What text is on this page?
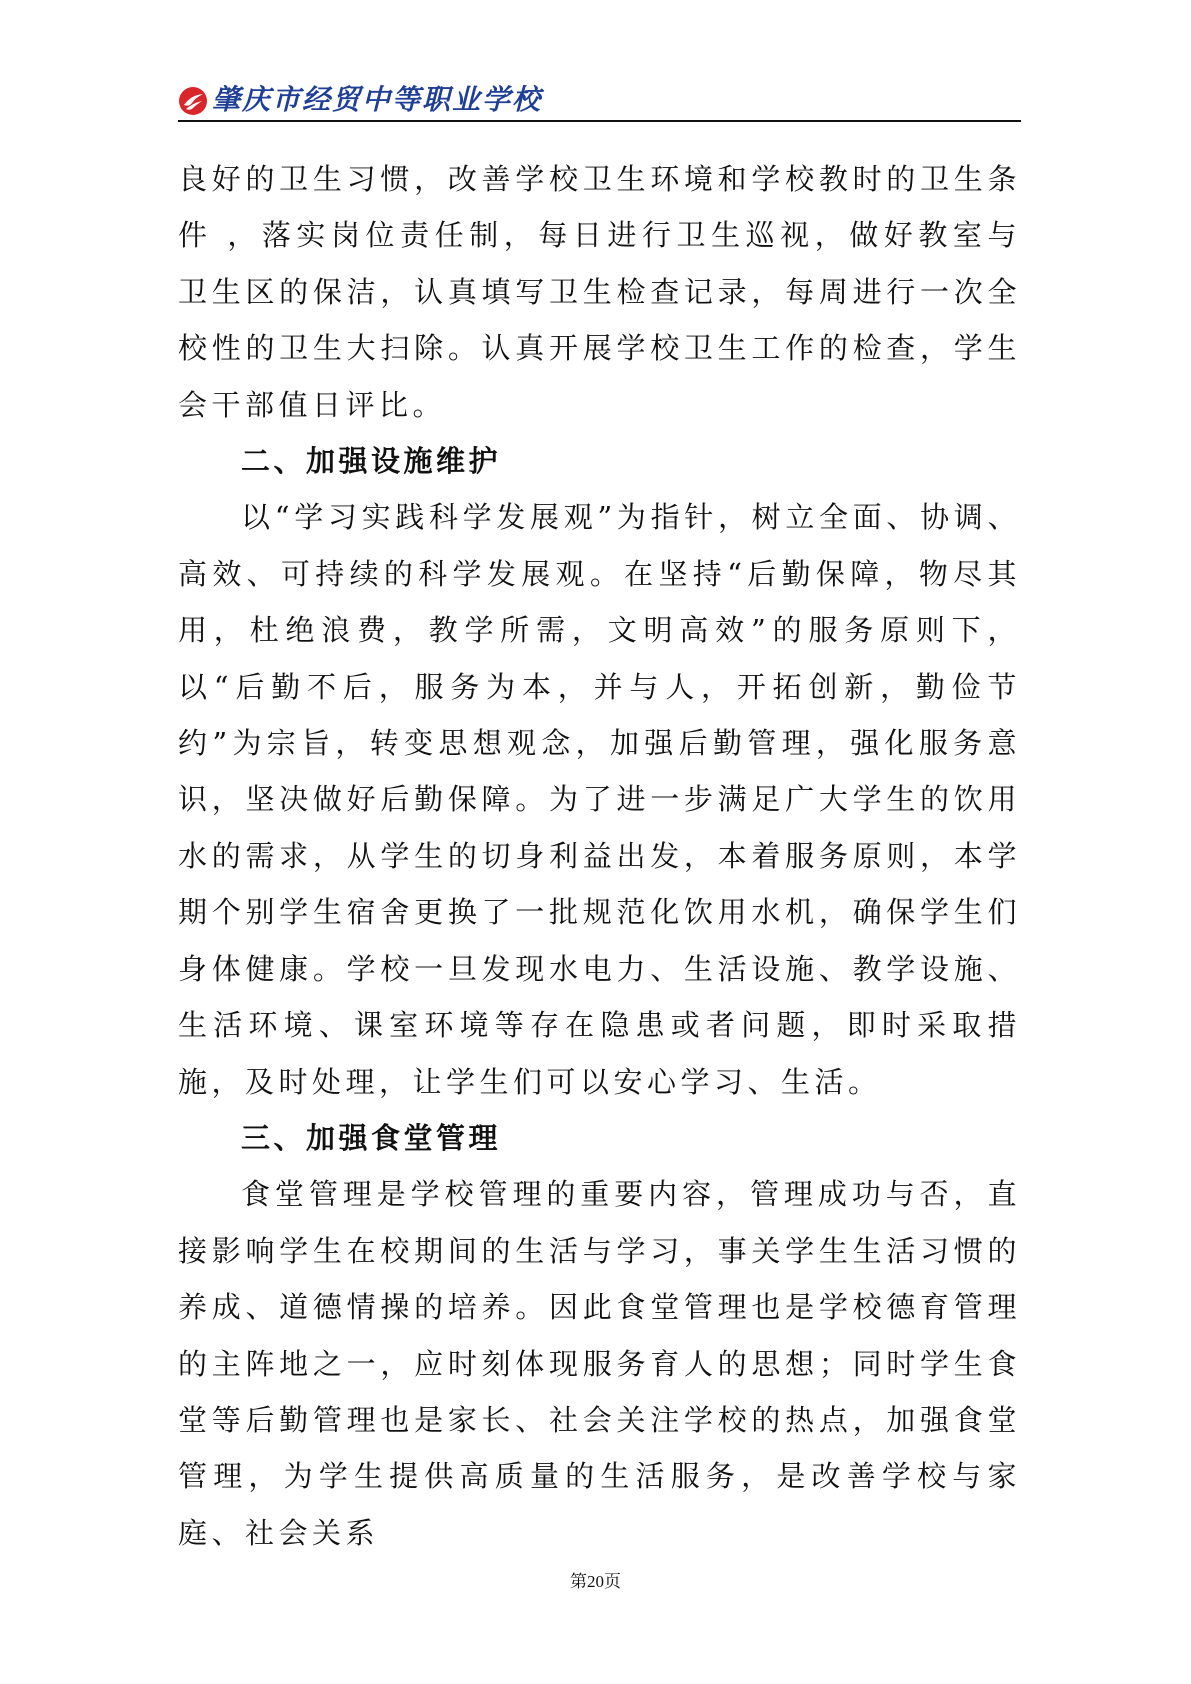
肇庆市经贸中等职业学校

良好的卫生习惯，改善学校卫生环境和学校教时的卫生条件 ，落实岗位责任制，每日进行卫生巡视，做好教室与卫生区的保洁，认真填写卫生检查记录，每周进行一次全校性的卫生大扫除。认真开展学校卫生工作的检查，学生会干部值日评比。

二、加强设施维护

以“学习实践科学发展观”为指针，树立全面、协调、高效、可持续的科学发展观。在坚持“后勤保障，物尽其用，杜绝浪费，教学所需，文明高效”的服务原则下，以“后勤不后，服务为本，并与人，开拓创新，勤俭节约”为宗旨，转变思想观念，加强后勤管理，强化服务意识，坚决做好后勤保障。为了进一步满足广大学生的饮用水的需求，从学生的切身利益出发，本着服务原则，本学期个别学生宿舍更换了一批规范化饮用水机，确保学生们身体健康。学校一旦发现水电力、生活设施、教学设施、生活环境、课室环境等存在隐患或者问题，即时采取措施，及时处理，让学生们可以安心学习、生活。

三、加强食堂管理

食堂管理是学校管理的重要内容，管理成功与否，直接影响学生在校期间的生活与学习，事关学生生活习惯的养成、道德情操的培养。因此食堂管理也是学校德育管理的主阵地之一，应时刻体现服务育人的思想；同时学生食堂等后勤管理也是家长、社会关注学校的热点，加强食堂管理，为学生提供高质量的生活服务，是改善学校与家庭、社会关系

第20页
